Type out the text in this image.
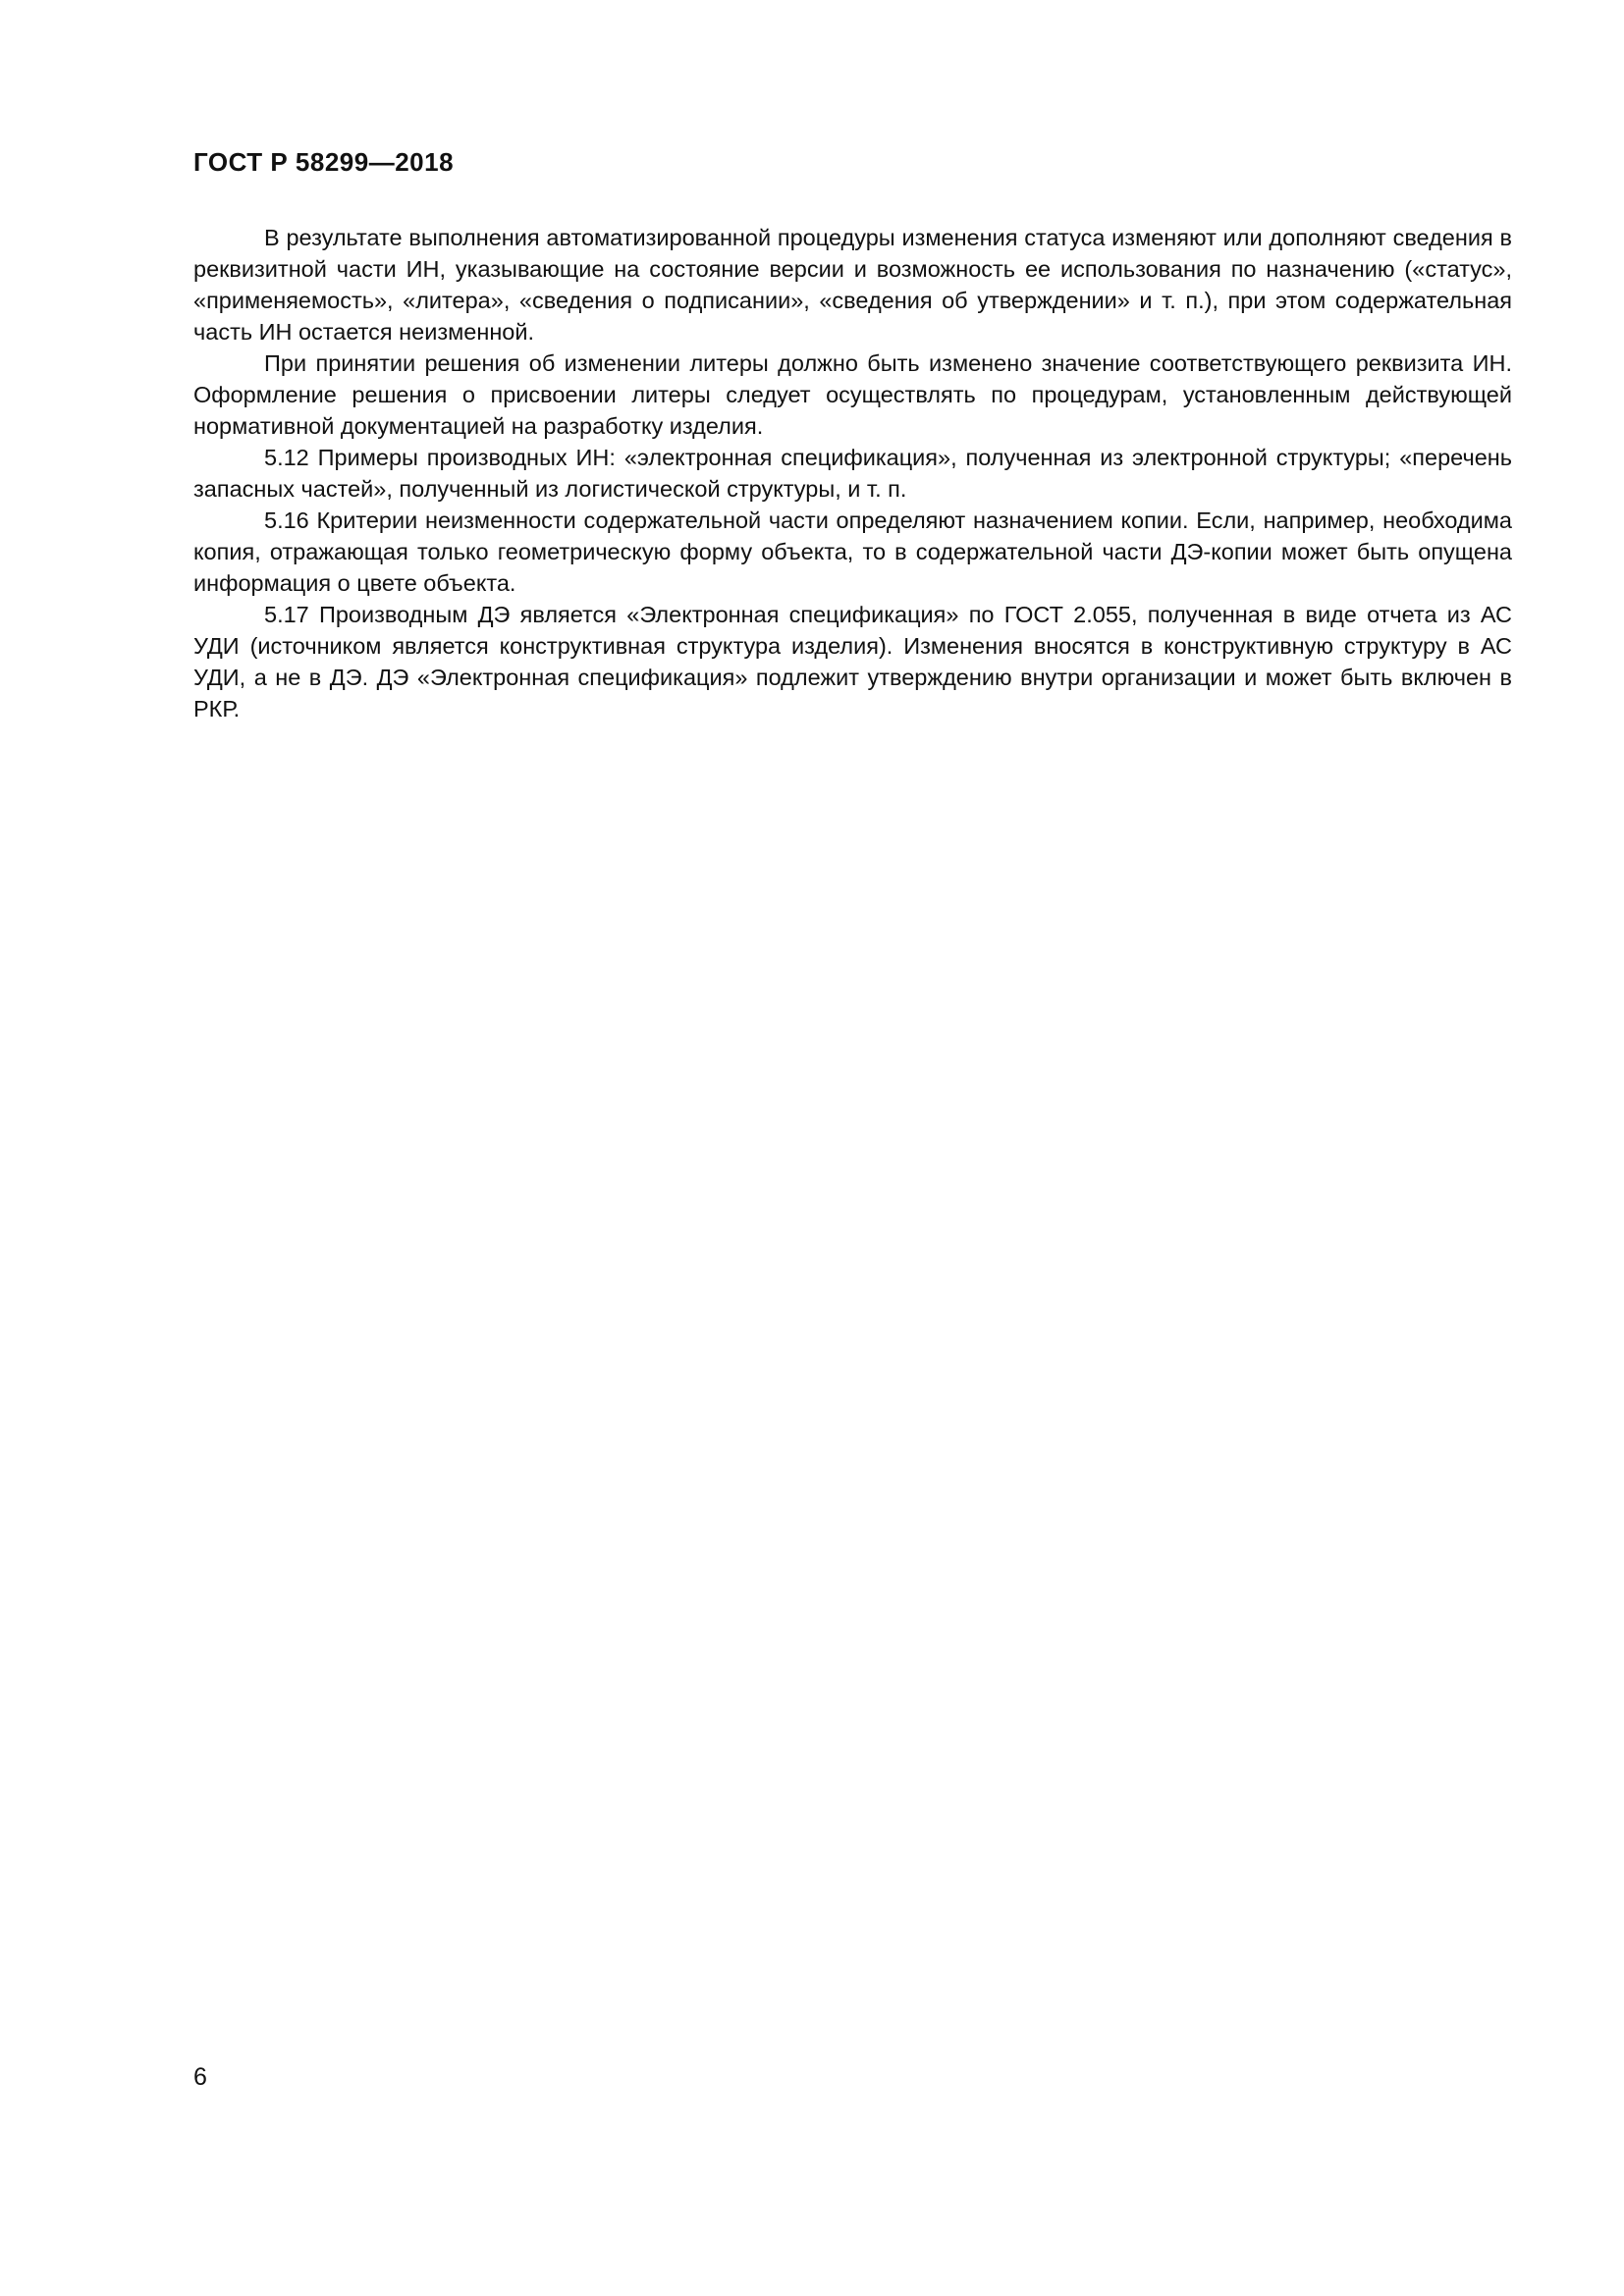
ГОСТ Р 58299—2018

В результате выполнения автоматизированной процедуры изменения статуса изменяют или дополняют сведения в реквизитной части ИН, указывающие на состояние версии и возможность ее использования по назначению («статус», «применяемость», «литера», «сведения о подписании», «сведения об утверждении» и т. п.), при этом содержательная часть ИН остается неизменной.

При принятии решения об изменении литеры должно быть изменено значение соответствующего реквизита ИН. Оформление решения о присвоении литеры следует осуществлять по процедурам, установленным действующей нормативной документацией на разработку изделия.

5.12 Примеры производных ИН: «электронная спецификация», полученная из электронной структуры; «перечень запасных частей», полученный из логистической структуры, и т. п.

5.16 Критерии неизменности содержательной части определяют назначением копии. Если, например, необходима копия, отражающая только геометрическую форму объекта, то в содержательной части ДЭ-копии может быть опущена информация о цвете объекта.

5.17 Производным ДЭ является «Электронная спецификация» по ГОСТ 2.055, полученная в виде отчета из АС УДИ (источником является конструктивная структура изделия). Изменения вносятся в конструктивную структуру в АС УДИ, а не в ДЭ. ДЭ «Электронная спецификация» подлежит утверждению внутри организации и может быть включен в РКР.

6
